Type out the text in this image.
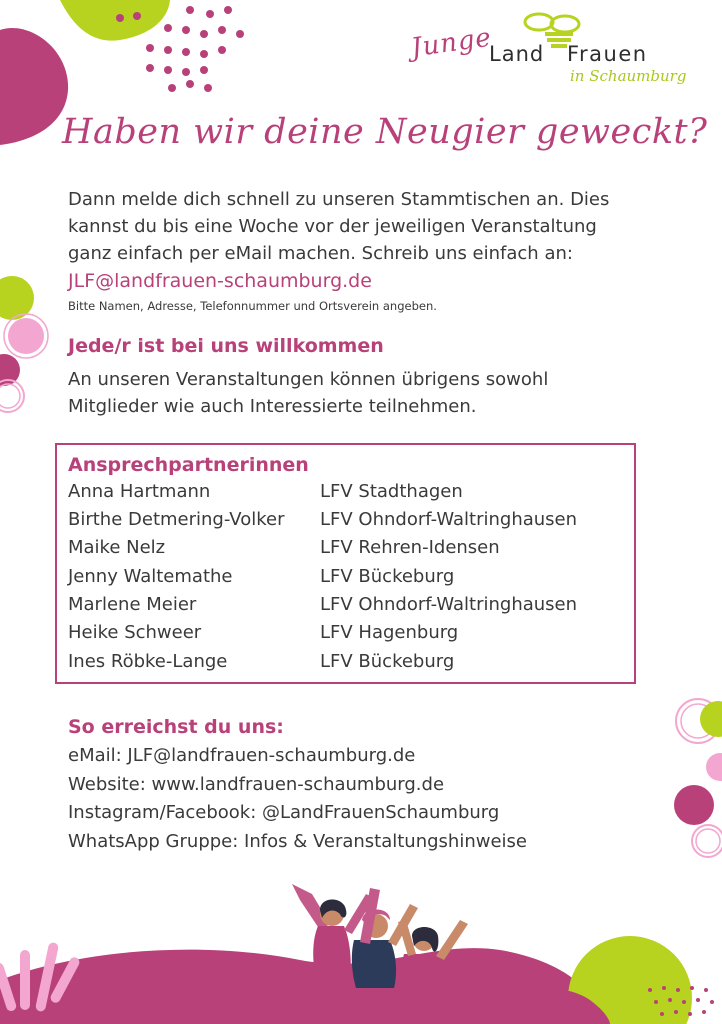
Junge
Land Frauen
in Schaumburg
Haben wir deine Neugier geweckt?
Dann melde dich schnell zu unseren Stammtischen an. Dies kannst du bis eine Woche vor der jeweiligen Veranstaltung ganz einfach per eMail machen. Schreib uns einfach an:
JLF@landfrauen-schaumburg.de
Bitte Namen, Adresse, Telefonnummer und Ortsverein angeben.
Jede/r ist bei uns willkommen
An unseren Veranstaltungen können übrigens sowohl Mitglieder wie auch Interessierte teilnehmen.
Ansprechpartnerinnen
Anna Hartmann	LFV Stadthagen
Birthe Detmering-Volker LFV Ohndorf-Waltringhausen
Maike Nelz	LFV Rehren-Idensen
Jenny Waltemathe	LFV Bückeburg
Marlene Meier	LFV Ohndorf-Waltringhausen
Heike Schweer	LFV Hagenburg
Ines Röbke-Lange	LFV Bückeburg
So erreichst du uns:
eMail: JLF@landfrauen-schaumburg.de
Website: www.landfrauen-schaumburg.de
Instagram/Facebook: @LandFrauenSchaumburg
WhatsApp Gruppe: Infos & Veranstaltungshinweise
